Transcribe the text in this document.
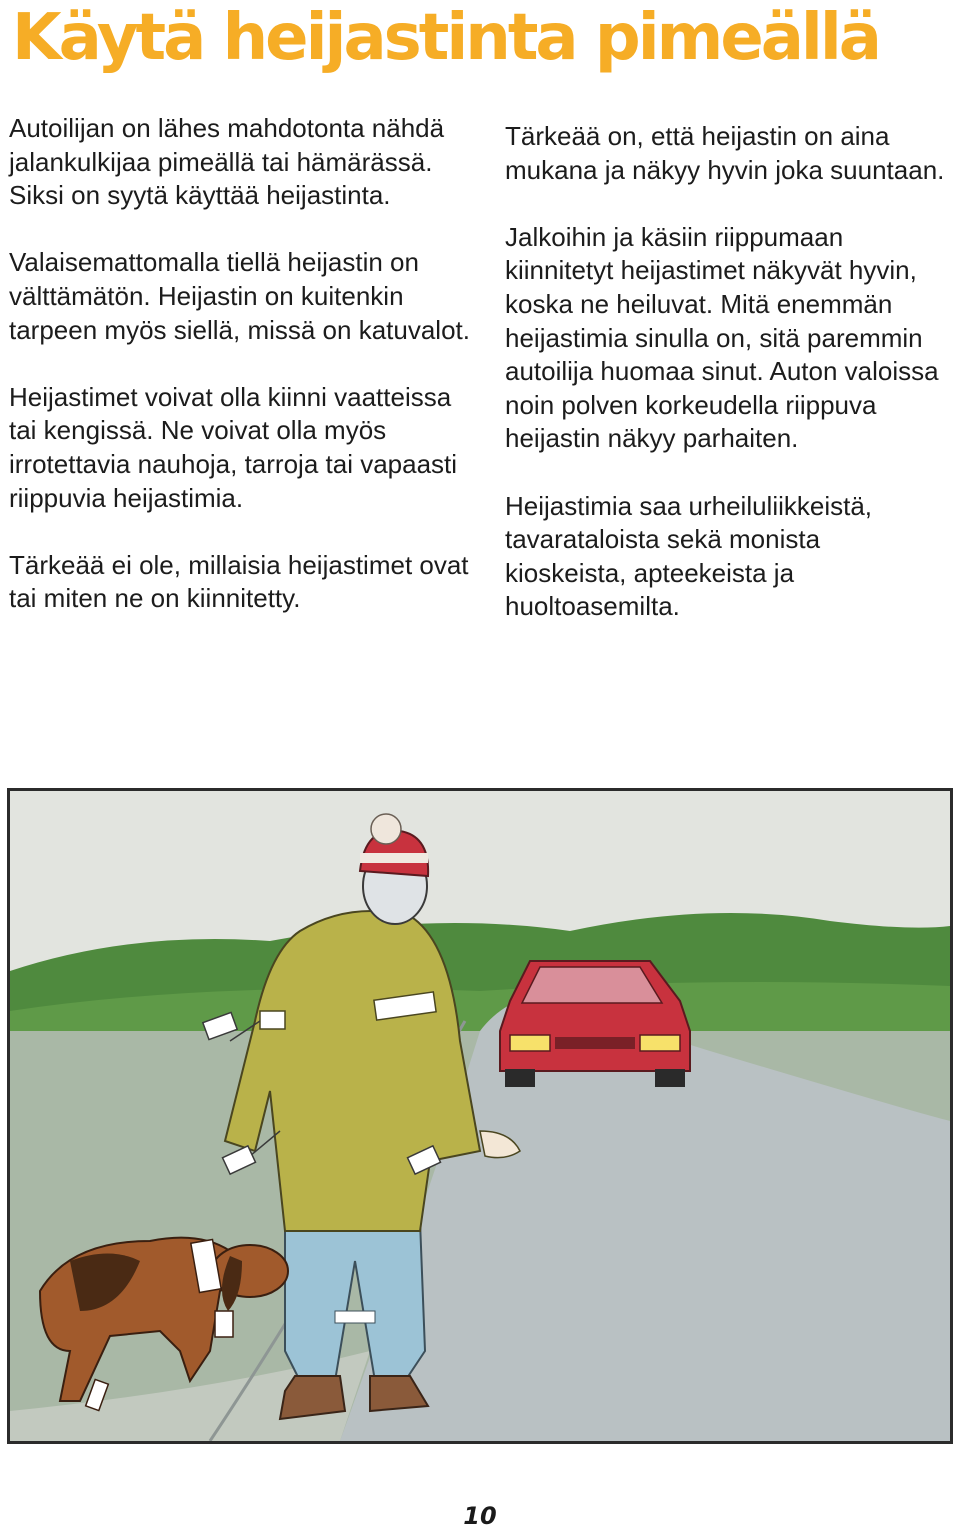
Käytä heijastinta pimeällä

Autoilijan on lähes mahdotonta nähdä jalankulkijaa pimeällä tai hämärässä. Siksi on syytä käyttää heijastinta.

Valaisemattomalla tiellä heijastin on välttämätön. Heijastin on kuitenkin tarpeen myös siellä, missä on katuvalot.

Heijastimet voivat olla kiinni vaatteissa tai kengissä. Ne voivat olla myös irrotettavia nauhoja, tarroja tai vapaasti riippuvia heijastimia.

Tärkeää ei ole, millaisia heijastimet ovat tai miten ne on kiinnitetty.

Tärkeää on, että heijastin on aina mukana ja näkyy hyvin joka suuntaan.

Jalkoihin ja käsiin riippumaan kiinnitetyt heijastimet näkyvät hyvin, koska ne heiluvat. Mitä enemmän heijastimia sinulla on, sitä paremmin autoilija huomaa sinut. Auton valoissa noin polven korkeudella riippuva heijastin näkyy parhaiten.

Heijastimia saa urheiluliikkeistä, tavarataloista sekä monista kioskeista, apteekeista ja huoltoasemilta.

10
